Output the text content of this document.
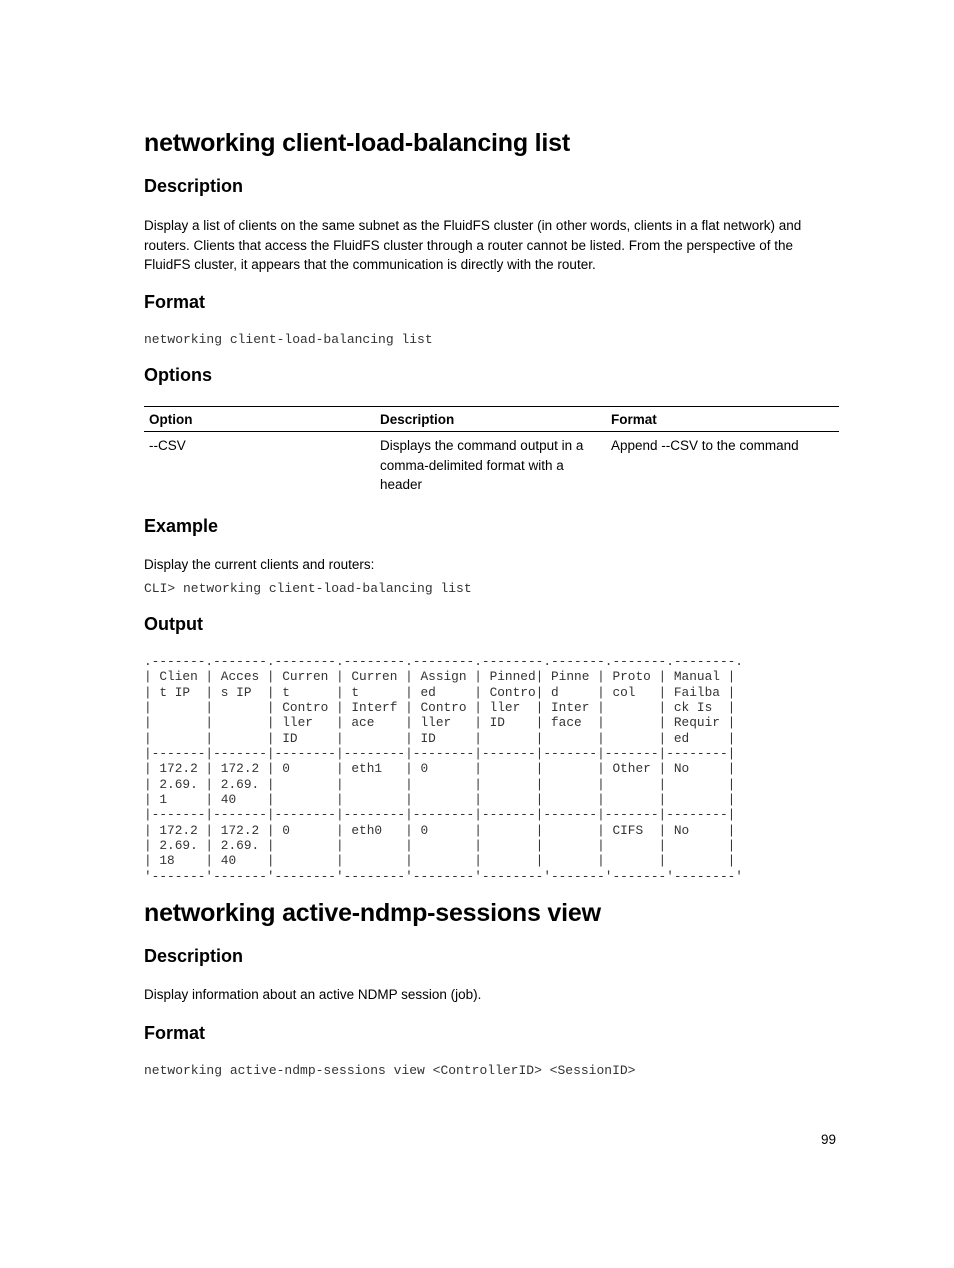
networking client-load-balancing list
Description

Display a list of clients on the same subnet as the FluidFS cluster (in other words, clients in a flat network) and routers. Clients that access the FluidFS cluster through a router cannot be listed. From the perspective of the FluidFS cluster, it appears that the communication is directly with the router.

Format
networking client-load-balancing list
Options
Option	Description	Format
--CSV	Displays the command output in a comma-delimited format with a header	Append --CSV to the command
Example

Display the current clients and routers:

CLI> networking client-load-balancing list
Output
.-------.-------.--------.--------.--------.--------.-------.-------.--------.
| Clien | Acces | Curren | Curren | Assign | Pinned| Pinne | Proto | Manual |
| t IP  | s IP  | t      | t      | ed     | Contro| d     | col   | Failba |
|       |       | Contro | Interf | Contro | ller  | Inter |       | ck Is  |
|       |       | ller   | ace    | ller   | ID    | face  |       | Requir |
|       |       | ID     |        | ID     |       |       |       | ed     |
|-------|-------|--------|--------|--------|-------|-------|-------|--------|
| 172.2 | 172.2 | 0      | eth1   | 0      |       |       | Other | No     |
| 2.69. | 2.69. |        |        |        |       |       |       |        |
| 1     | 40    |        |        |        |       |       |       |        |
|-------|-------|--------|--------|--------|-------|-------|-------|--------|
| 172.2 | 172.2 | 0      | eth0   | 0      |       |       | CIFS  | No     |
| 2.69. | 2.69. |        |        |        |       |       |       |        |
| 18    | 40    |        |        |        |       |       |       |        |
'-------'-------'--------'--------'--------'--------'-------'-------'--------'
networking active-ndmp-sessions view
Description

Display information about an active NDMP session (job).

Format
networking active-ndmp-sessions view <ControllerID> <SessionID>
99
